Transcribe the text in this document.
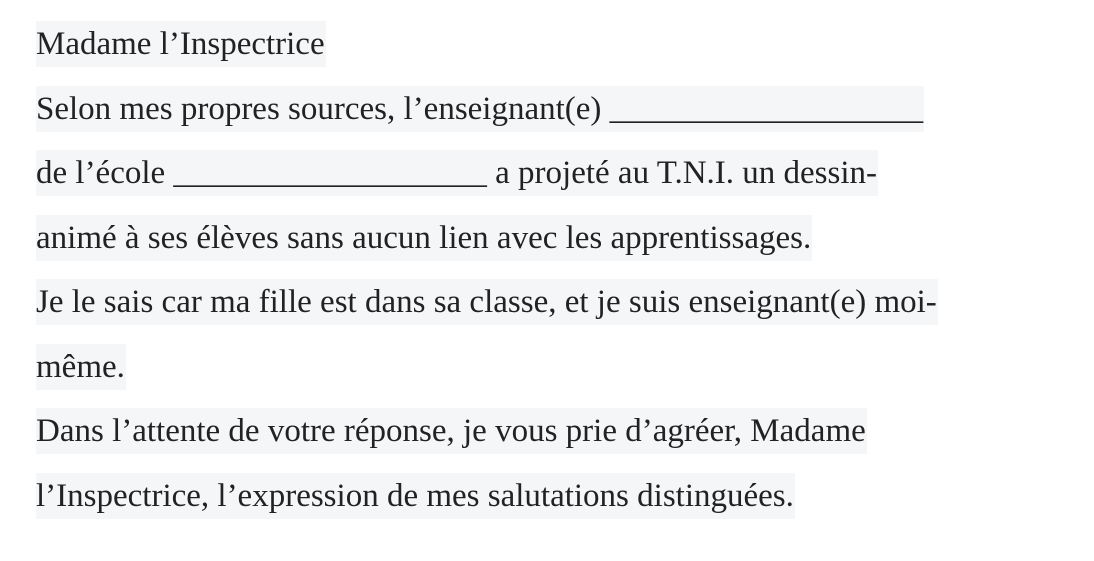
Madame l’Inspectrice
Selon mes propres sources, l’enseignant(e) ___________________
de l’école ___________________ a projeté au T.N.I. un dessin-
animé à ses élèves sans aucun lien avec les apprentissages.
Je le sais car ma fille est dans sa classe, et je suis enseignant(e) moi-
même.
Dans l’attente de votre réponse, je vous prie d’agréer, Madame
l’Inspectrice, l’expression de mes salutations distinguées.
